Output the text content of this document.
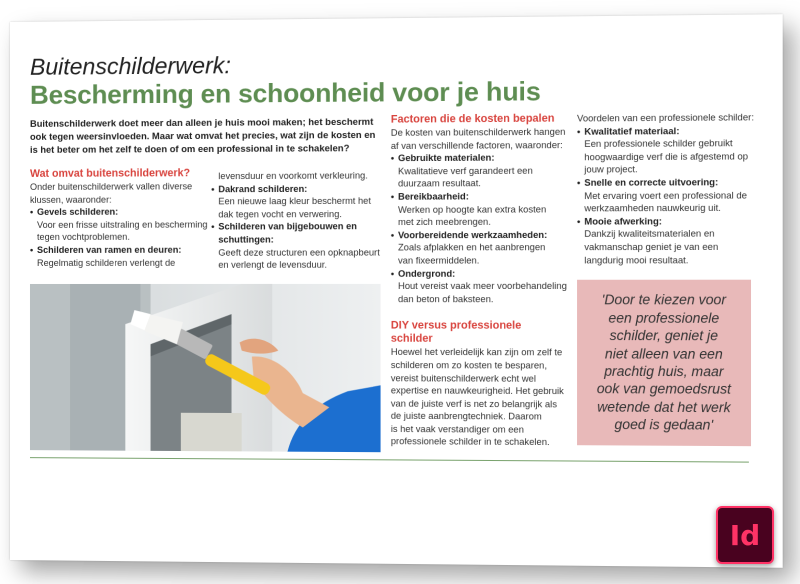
Buitenschilderwerk:
Bescherming en schoonheid voor je huis
Buitenschilderwerk doet meer dan alleen je huis mooi maken; het beschermt ook tegen weersinvloeden. Maar wat omvat het precies, wat zijn de kosten en is het beter om het zelf te doen of om een professional in te schakelen?
Wat omvat buitenschilderwerk?
Onder buitenschilderwerk vallen diverse
klussen, waaronder:
• Gevels schilderen:
Voor een frisse uitstraling en bescherming
tegen vochtproblemen.
• Schilderen van ramen en deuren:
Regelmatig schilderen verlengt de
levensduur en voorkomt verkleuring.
• Dakrand schilderen:
Een nieuwe laag kleur beschermt het
dak tegen vocht en verwering.
• Schilderen van bijgebouwen en
schuttingen:
Geeft deze structuren een opknapbeurt
en verlengt de levensduur.
Factoren die de kosten bepalen
De kosten van buitenschilderwerk hangen
af van verschillende factoren, waaronder:
• Gebruikte materialen:
Kwalitatieve verf garandeert een
duurzaam resultaat.
• Bereikbaarheid:
Werken op hoogte kan extra kosten
met zich meebrengen.
• Voorbereidende werkzaamheden:
Zoals afplakken en het aanbrengen
van fixeermiddelen.
• Ondergrond:
Hout vereist vaak meer voorbehandeling
dan beton of baksteen.
DIY versus professionele
schilder
Hoewel het verleidelijk kan zijn om zelf te
schilderen om zo kosten te besparen,
vereist buitenschilderwerk echt wel
expertise en nauwkeurigheid. Het gebruik
van de juiste verf is net zo belangrijk als
de juiste aanbrengtechniek. Daarom
is het vaak verstandiger om een
professionele schilder in te schakelen.
Voordelen van een professionele schilder:
• Kwalitatief materiaal:
Een professionele schilder gebruikt
hoogwaardige verf die is afgestemd op
jouw project.
• Snelle en correcte uitvoering:
Met ervaring voert een professional de
werkzaamheden nauwkeurig uit.
• Mooie afwerking:
Dankzij kwaliteitsmaterialen en
vakmanschap geniet je van een
langdurig mooi resultaat.
'Door te kiezen voor
een professionele
schilder, geniet je
niet alleen van een
prachtig huis, maar
ook van gemoedsrust
wetende dat het werk
goed is gedaan'
Id
